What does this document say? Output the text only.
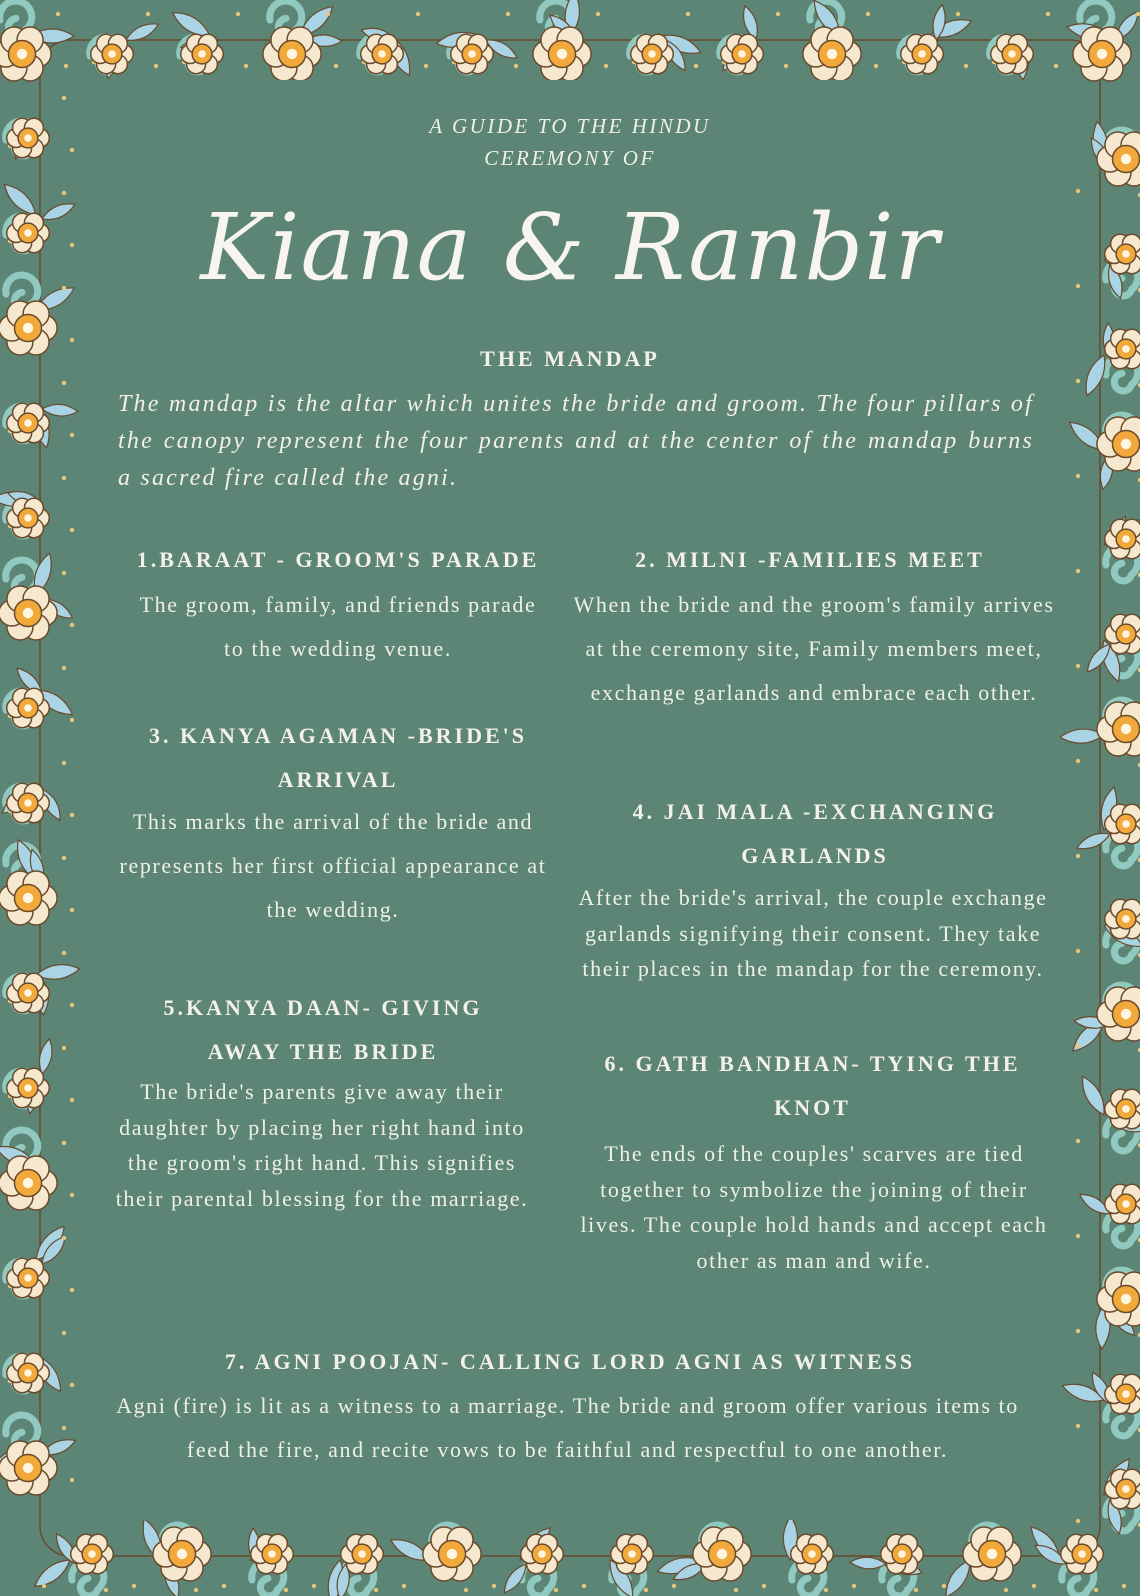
A GUIDE TO THE HINDU
CEREMONY OF
Kiana & Ranbir
THE MANDAP
The mandap is the altar which unites the bride and groom. The four pillars of the canopy represent the four parents and at the center of the mandap burns a sacred fire called the agni.
1.BARAAT - GROOM'S PARADE
The groom, family, and friends parade to the wedding venue.
3. KANYA AGAMAN -BRIDE'S ARRIVAL
This marks the arrival of the bride and represents her first official appearance at the wedding.
5.KANYA DAAN- GIVING AWAY THE BRIDE
The bride's parents give away their daughter by placing her right hand into the groom's right hand. This signifies their parental blessing for the marriage.
2. MILNI -FAMILIES MEET
When the bride and the groom's family arrives at the ceremony site, Family members meet, exchange garlands and embrace each other.
4. JAI MALA -EXCHANGING GARLANDS
After the bride's arrival, the couple exchange garlands signifying their consent. They take their places in the mandap for the ceremony.
6. GATH BANDHAN- TYING THE KNOT
The ends of the couples' scarves are tied together to symbolize the joining of their lives. The couple hold hands and accept each other as man and wife.
7. AGNI POOJAN- CALLING LORD AGNI AS WITNESS
Agni (fire) is lit as a witness to a marriage. The bride and groom offer various items to feed the fire, and recite vows to be faithful and respectful to one another.
